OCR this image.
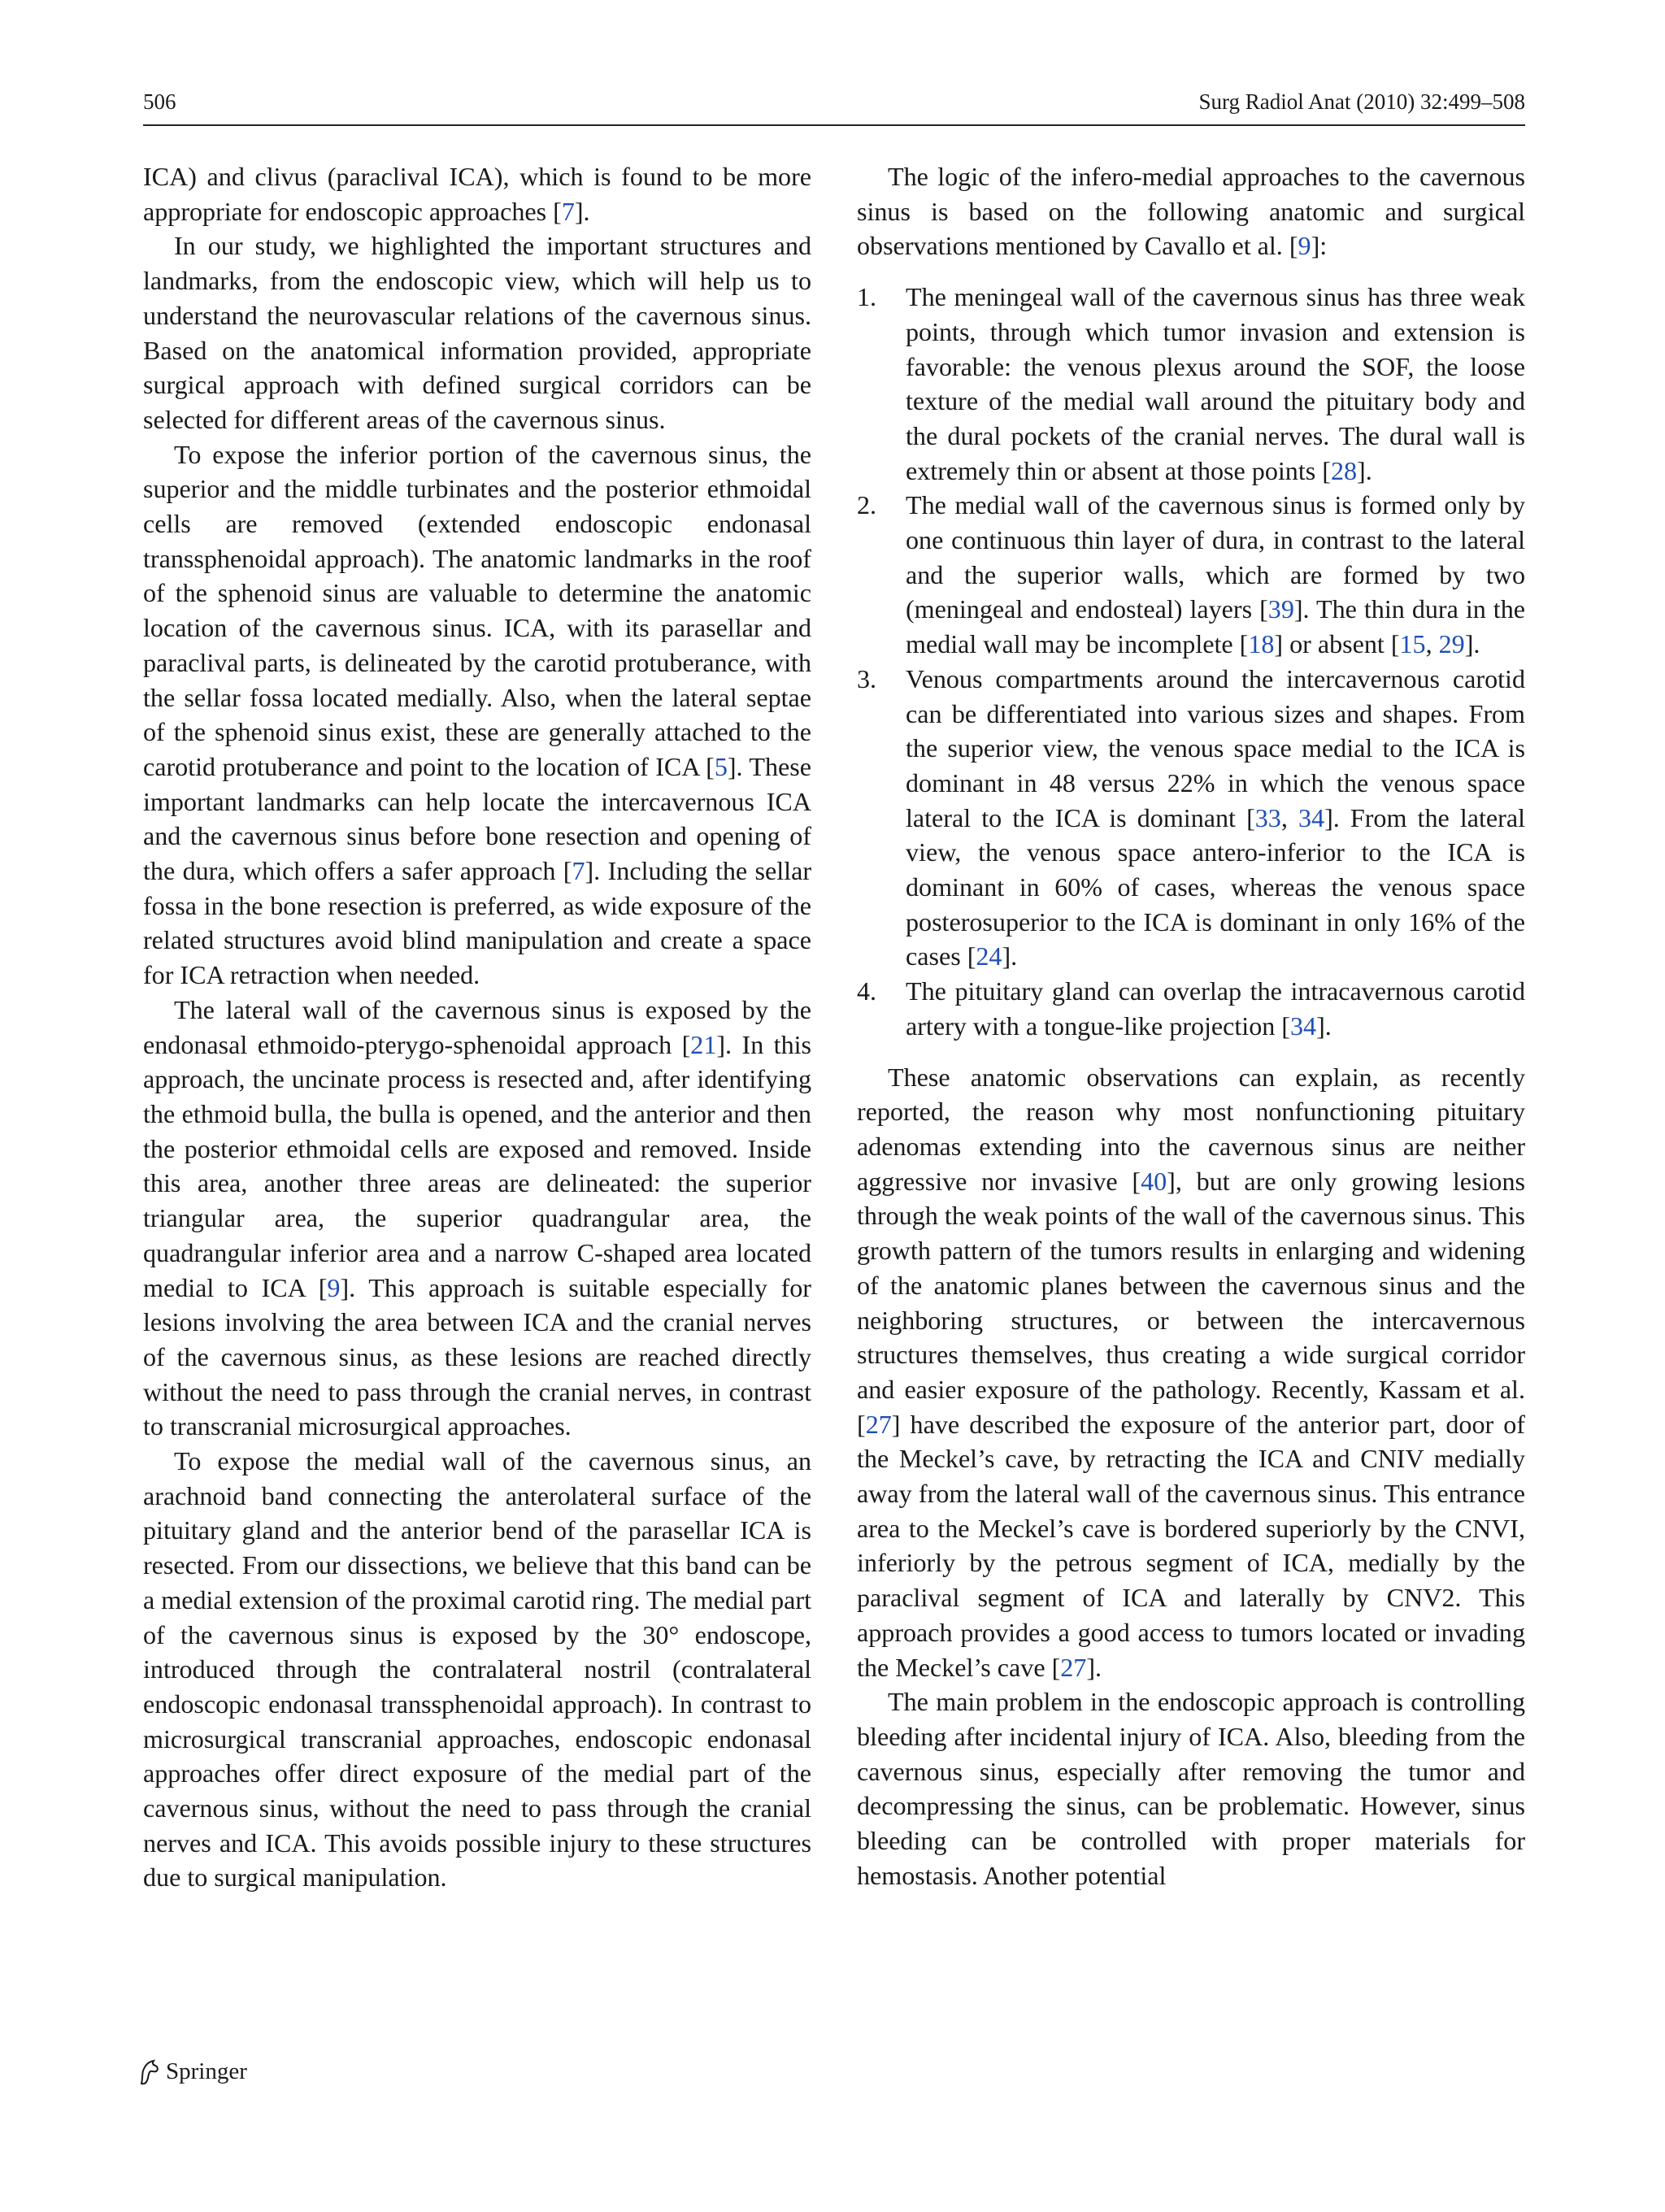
506	Surg Radiol Anat (2010) 32:499–508

ICA) and clivus (paraclival ICA), which is found to be more appropriate for endoscopic approaches [7].

In our study, we highlighted the important structures and landmarks, from the endoscopic view, which will help us to understand the neurovascular relations of the cavernous sinus. Based on the anatomical information provided, appropriate surgical approach with defined surgical corridors can be selected for different areas of the cavernous sinus.

To expose the inferior portion of the cavernous sinus, the superior and the middle turbinates and the posterior ethmoidal cells are removed (extended endoscopic endonasal transsphenoidal approach). The anatomic landmarks in the roof of the sphenoid sinus are valuable to determine the anatomic location of the cavernous sinus. ICA, with its parasellar and paraclival parts, is delineated by the carotid protuberance, with the sellar fossa located medially. Also, when the lateral septae of the sphenoid sinus exist, these are generally attached to the carotid protuberance and point to the location of ICA [5]. These important landmarks can help locate the intercavernous ICA and the cavernous sinus before bone resection and opening of the dura, which offers a safer approach [7]. Including the sellar fossa in the bone resection is preferred, as wide exposure of the related structures avoid blind manipulation and create a space for ICA retraction when needed.

The lateral wall of the cavernous sinus is exposed by the endonasal ethmoido-pterygo-sphenoidal approach [21]. In this approach, the uncinate process is resected and, after identifying the ethmoid bulla, the bulla is opened, and the anterior and then the posterior ethmoidal cells are exposed and removed. Inside this area, another three areas are delineated: the superior triangular area, the superior quadrangular area, the quadrangular inferior area and a narrow C-shaped area located medial to ICA [9]. This approach is suitable especially for lesions involving the area between ICA and the cranial nerves of the cavernous sinus, as these lesions are reached directly without the need to pass through the cranial nerves, in contrast to transcranial microsurgical approaches.

To expose the medial wall of the cavernous sinus, an arachnoid band connecting the anterolateral surface of the pituitary gland and the anterior bend of the parasellar ICA is resected. From our dissections, we believe that this band can be a medial extension of the proximal carotid ring. The medial part of the cavernous sinus is exposed by the 30° endoscope, introduced through the contralateral nostril (contralateral endoscopic endonasal transsphenoidal approach). In contrast to microsurgical transcranial approaches, endoscopic endonasal approaches offer direct exposure of the medial part of the cavernous sinus, without the need to pass through the cranial nerves and ICA. This avoids possible injury to these structures due to surgical manipulation.

The logic of the infero-medial approaches to the cavernous sinus is based on the following anatomic and surgical observations mentioned by Cavallo et al. [9]:

1. The meningeal wall of the cavernous sinus has three weak points, through which tumor invasion and extension is favorable: the venous plexus around the SOF, the loose texture of the medial wall around the pituitary body and the dural pockets of the cranial nerves. The dural wall is extremely thin or absent at those points [28].
2. The medial wall of the cavernous sinus is formed only by one continuous thin layer of dura, in contrast to the lateral and the superior walls, which are formed by two (meningeal and endosteal) layers [39]. The thin dura in the medial wall may be incomplete [18] or absent [15, 29].
3. Venous compartments around the intercavernous carotid can be differentiated into various sizes and shapes. From the superior view, the venous space medial to the ICA is dominant in 48 versus 22% in which the venous space lateral to the ICA is dominant [33, 34]. From the lateral view, the venous space antero-inferior to the ICA is dominant in 60% of cases, whereas the venous space posterosuperior to the ICA is dominant in only 16% of the cases [24].
4. The pituitary gland can overlap the intracavernous carotid artery with a tongue-like projection [34].

These anatomic observations can explain, as recently reported, the reason why most nonfunctioning pituitary adenomas extending into the cavernous sinus are neither aggressive nor invasive [40], but are only growing lesions through the weak points of the wall of the cavernous sinus. This growth pattern of the tumors results in enlarging and widening of the anatomic planes between the cavernous sinus and the neighboring structures, or between the intercavernous structures themselves, thus creating a wide surgical corridor and easier exposure of the pathology. Recently, Kassam et al. [27] have described the exposure of the anterior part, door of the Meckel’s cave, by retracting the ICA and CNIV medially away from the lateral wall of the cavernous sinus. This entrance area to the Meckel’s cave is bordered superiorly by the CNVI, inferiorly by the petrous segment of ICA, medially by the paraclival segment of ICA and laterally by CNV2. This approach provides a good access to tumors located or invading the Meckel’s cave [27].

The main problem in the endoscopic approach is controlling bleeding after incidental injury of ICA. Also, bleeding from the cavernous sinus, especially after removing the tumor and decompressing the sinus, can be problematic. However, sinus bleeding can be controlled with proper materials for hemostasis. Another potential

Springer
